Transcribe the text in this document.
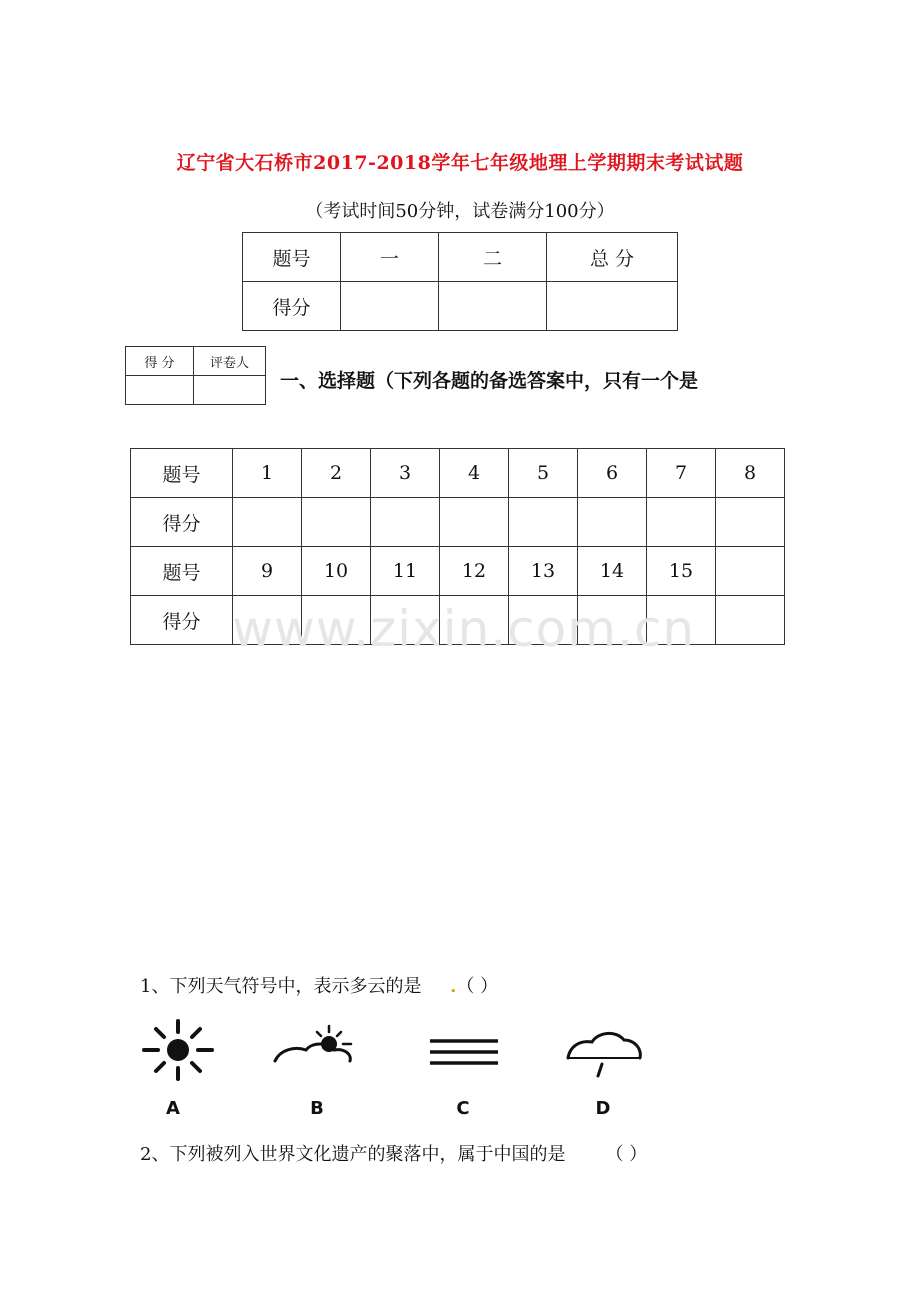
辽宁省大石桥市2017-2018学年七年级地理上学期期末考试试题
（考试时间50分钟，试卷满分100分）
题号	一	二	总 分
得分			
得 分	评卷人

一、选择题（下列各题的备选答案中，只有一个是
题号	1	2	3	4	5	6	7	8
得分								
题号	9	10	11	12	13	14	15	
得分								www.zixin.com.cn
1、下列天气符号中，表示多云的是 .（ ）
A	B	C	D
2、下列被列入世界文化遗产的聚落中，属于中国的是 （ ）
